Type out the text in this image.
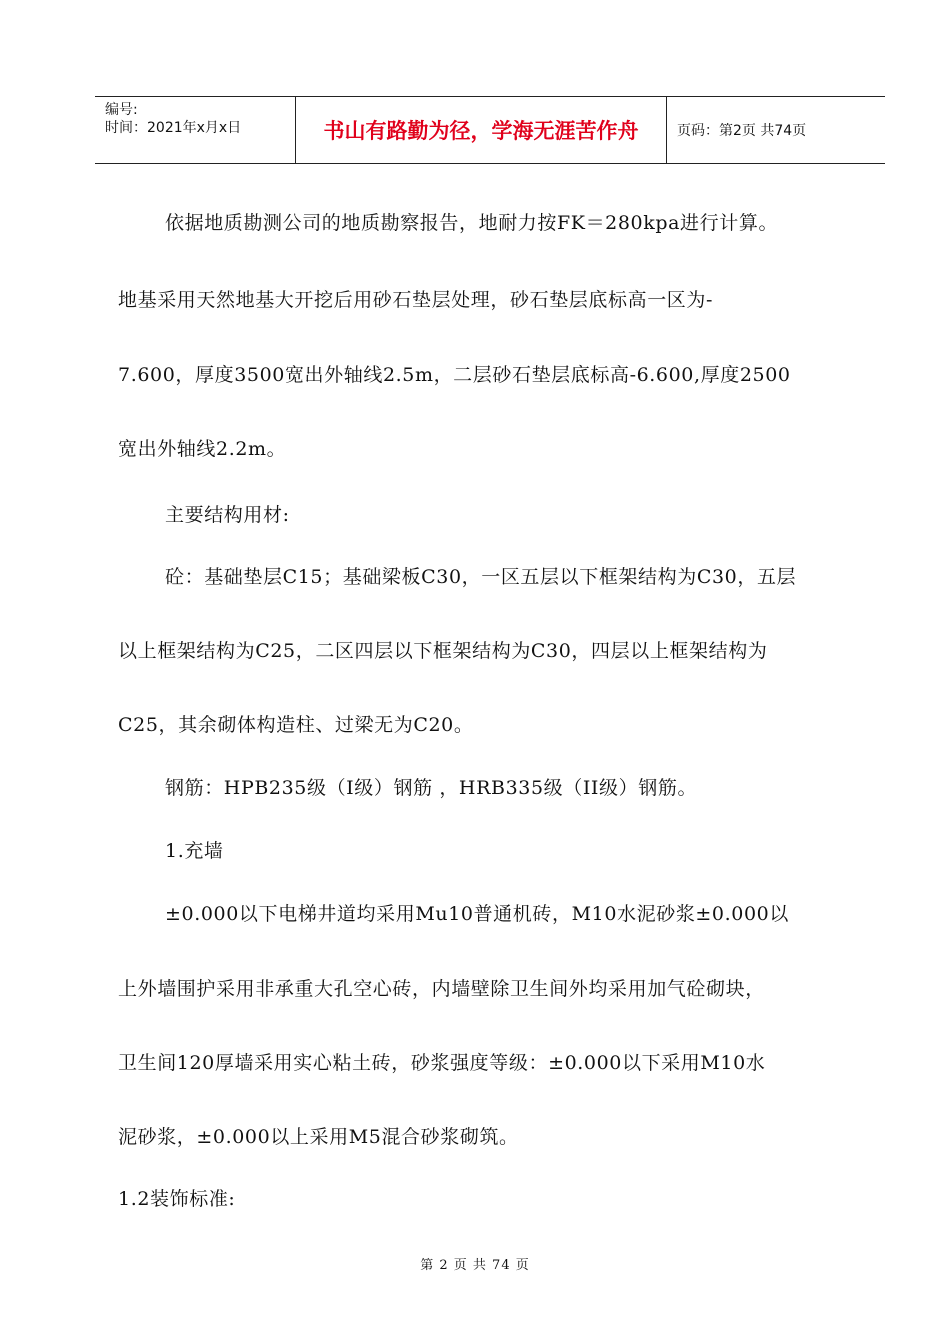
编号:
时间：2021年x月x日	书山有路勤为径，学海无涯苦作舟	页码：第2页 共74页
依据地质勘测公司的地质勘察报告，地耐力按FK＝280kpa进行计算。
地基采用天然地基大开挖后用砂石垫层处理，砂石垫层底标高一区为-
7.600，厚度3500宽出外轴线2.5m，二层砂石垫层底标高-6.600,厚度2500
宽出外轴线2.2m。
主要结构用材:
砼：基础垫层C15；基础梁板C30，一区五层以下框架结构为C30，五层
以上框架结构为C25，二区四层以下框架结构为C30，四层以上框架结构为
C25，其余砌体构造柱、过梁无为C20。
钢筋：HPB235级（I级）钢筋 ，HRB335级（II级）钢筋。
1.充墙
±0.000以下电梯井道均采用Mu10普通机砖，M10水泥砂浆±0.000以
上外墙围护采用非承重大孔空心砖，内墙壁除卫生间外均采用加气砼砌块，
卫生间120厚墙采用实心粘土砖，砂浆强度等级：±0.000以下采用M10水
泥砂浆，±0.000以上采用M5混合砂浆砌筑。
1.2装饰标准:
第 2 页 共 74 页
